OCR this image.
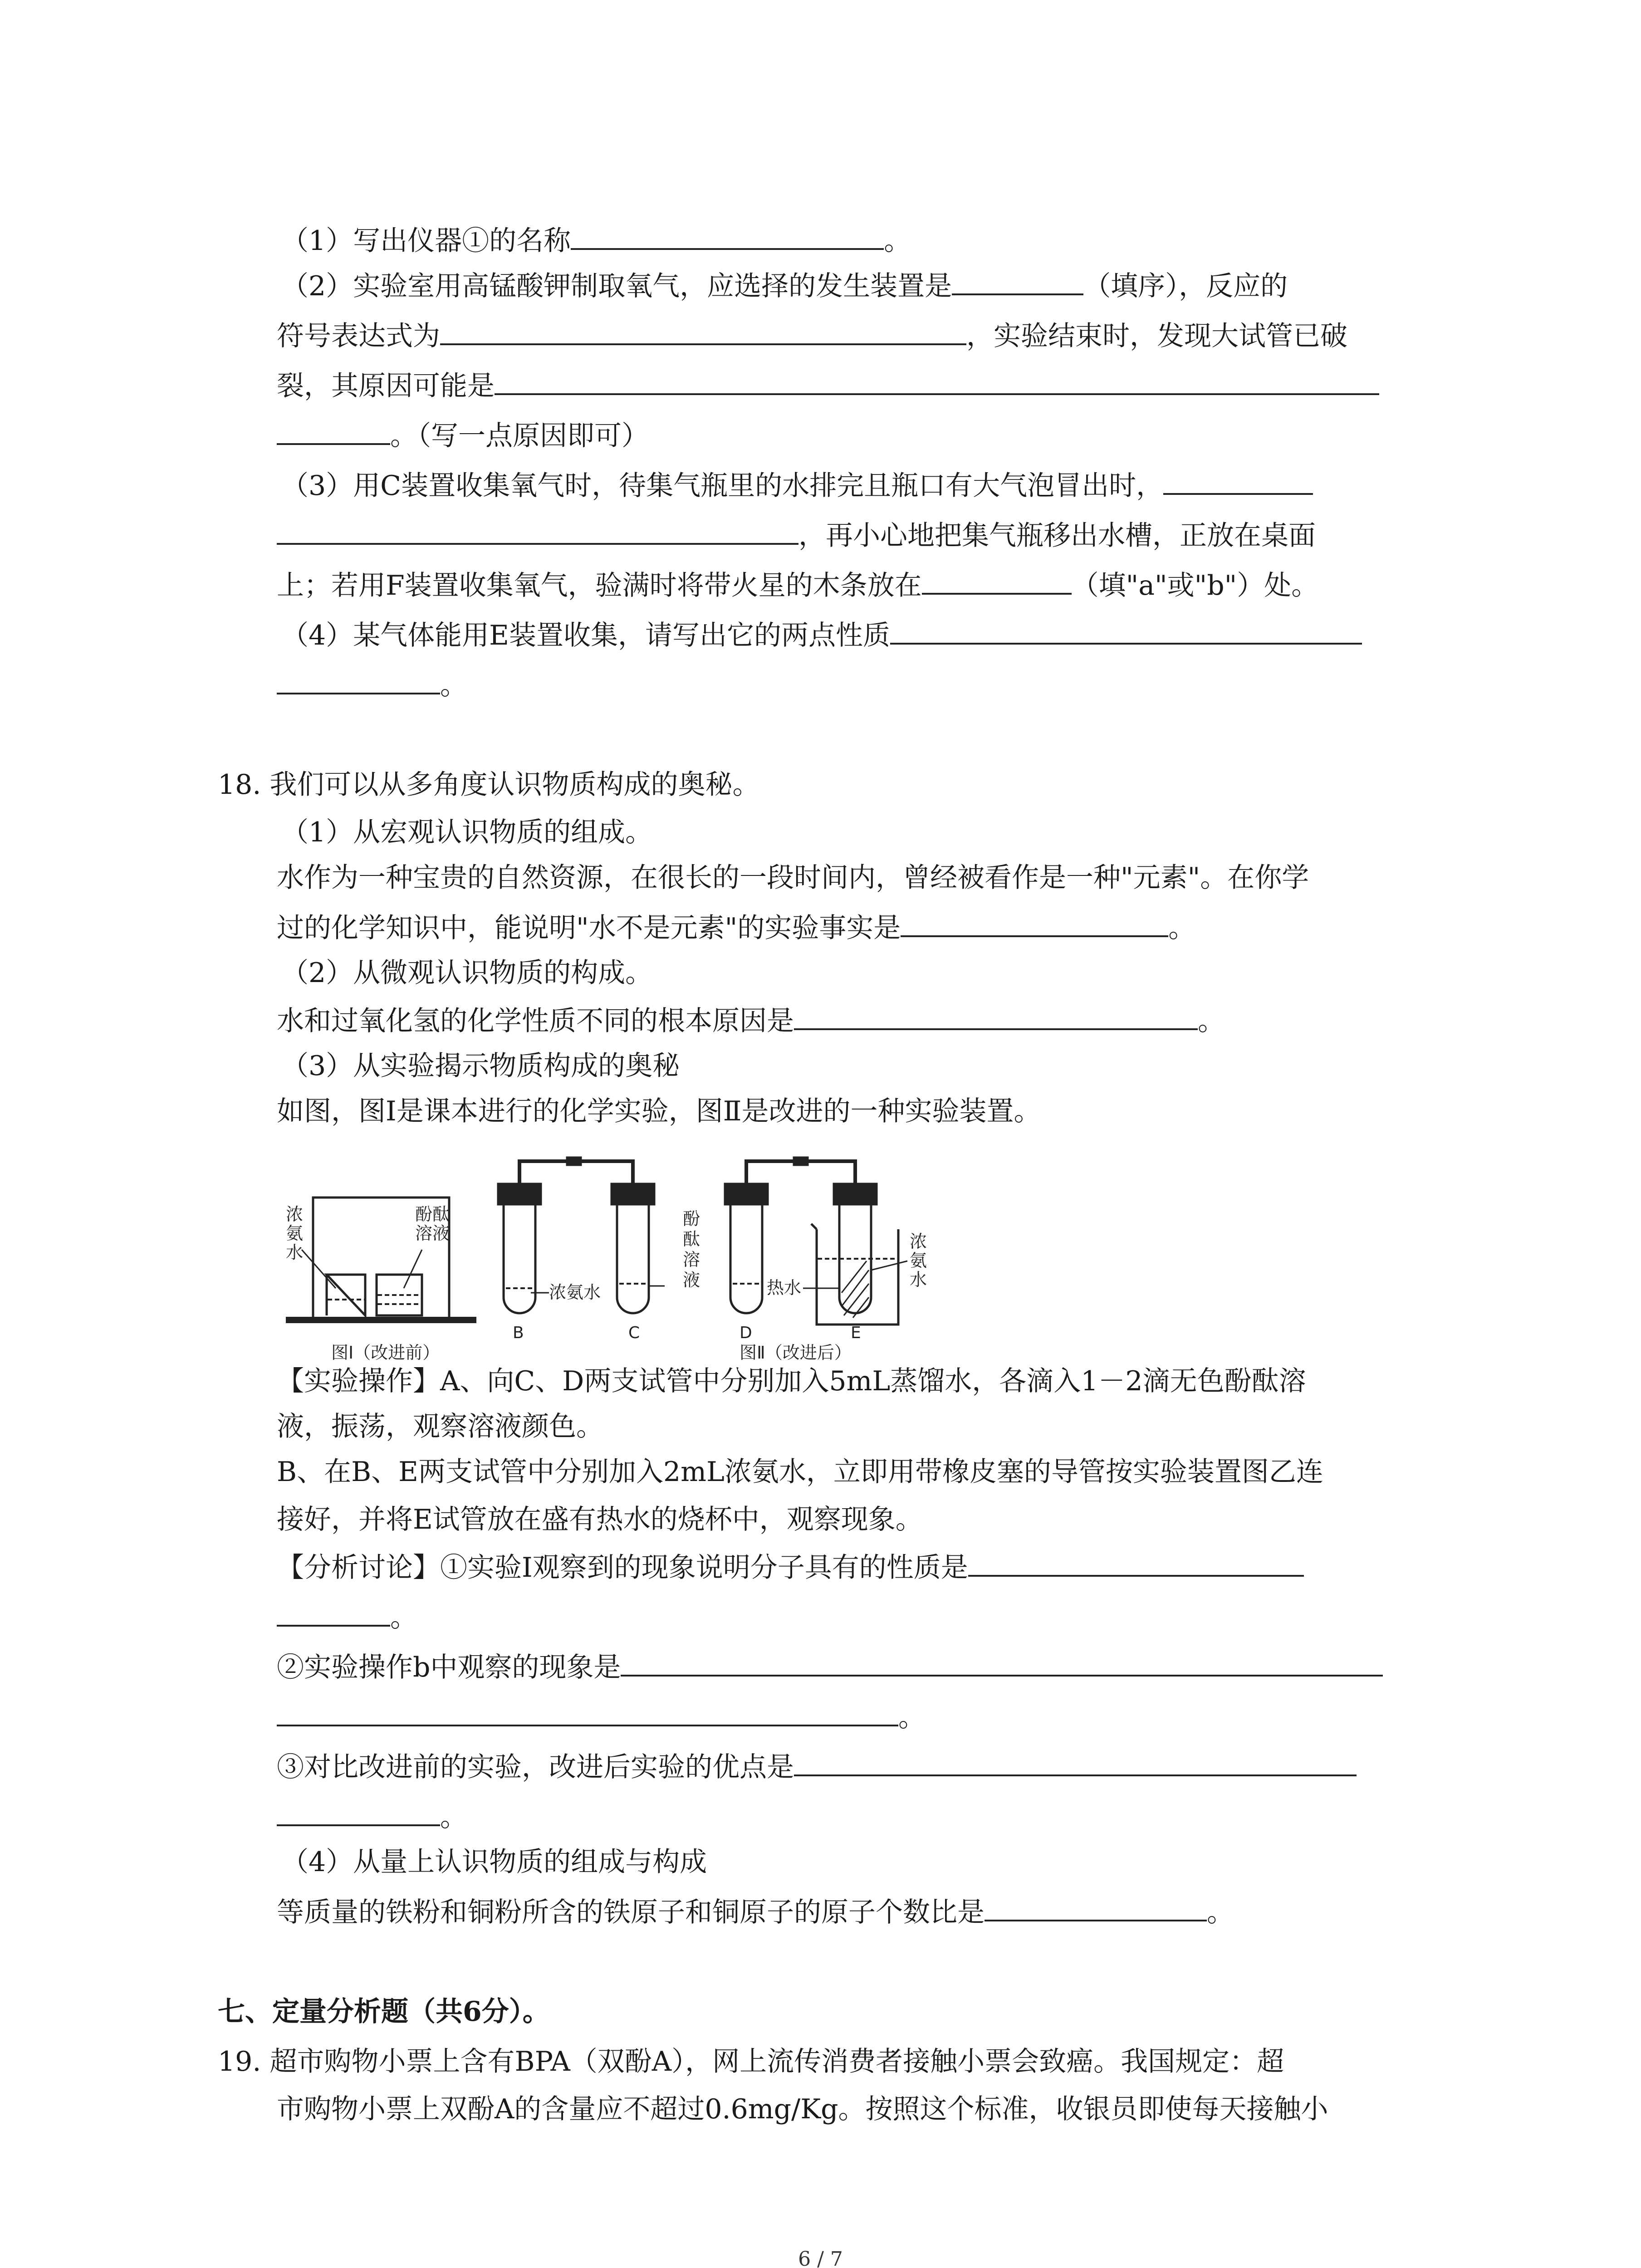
（1）写出仪器①的名称	。
（2）实验室用高锰酸钾制取氧气，应选择的发生装置是	（填序），反应的
符号表达式为	，实验结束时，发现大试管已破
裂，其原因可能是
。（写一点原因即可）
（3）用C装置收集氧气时，待集气瓶里的水排完且瓶口有大气泡冒出时，
，再小心地把集气瓶移出水槽，正放在桌面
上；若用F装置收集氧气，验满时将带火星的木条放在	（填"a"或"b"）处。
（4）某气体能用E装置收集，请写出它的两点性质
。
18. 我们可以从多角度认识物质构成的奥秘。
（1）从宏观认识物质的组成。
水作为一种宝贵的自然资源，在很长的一段时间内，曾经被看作是一种"元素"。在你学
过的化学知识中，能说明"水不是元素"的实验事实是	。
（2）从微观认识物质的构成。
水和过氧化氢的化学性质不同的根本原因是	。
（3）从实验揭示物质构成的奥秘
如图，图I是课本进行的化学实验，图Ⅱ是改进的一种实验装置。
浓
氨
水
酚酞
溶液
图I（改进前）
浓氨水
酚
酞
溶
液	热水
浓
氨
水
B	C	D	E
图Ⅱ（改进后）
【实验操作】A、向C、D两支试管中分别加入5mL蒸馏水，各滴入1－2滴无色酚酞溶
液，振荡，观察溶液颜色。
B、在B、E两支试管中分别加入2mL浓氨水，立即用带橡皮塞的导管按实验装置图乙连
接好，并将E试管放在盛有热水的烧杯中，观察现象。
【分析讨论】①实验I观察到的现象说明分子具有的性质是
。
②实验操作b中观察的现象是
。
③对比改进前的实验，改进后实验的优点是
。
（4）从量上认识物质的组成与构成
等质量的铁粉和铜粉所含的铁原子和铜原子的原子个数比是	。
七、定量分析题（共6分）。
19. 超市购物小票上含有BPA（双酚A），网上流传消费者接触小票会致癌。我国规定：超
市购物小票上双酚A的含量应不超过0.6mg/Kg。按照这个标准，收银员即使每天接触小
6 / 7
